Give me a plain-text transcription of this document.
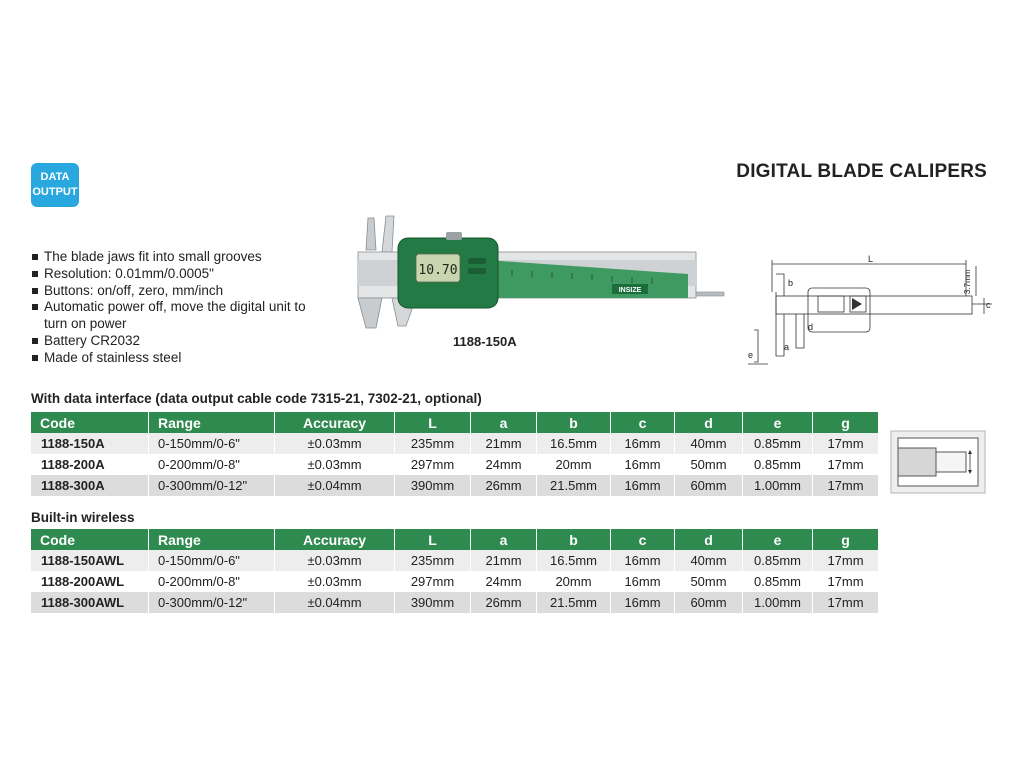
DATA
OUTPUT
DIGITAL BLADE CALIPERS
The blade jaws fit into small grooves
Resolution: 0.01mm/0.0005"
Buttons: on/off, zero, mm/inch
Automatic power off, move the digital unit to turn on power
Battery CR2032
Made of stainless steel
10.70
INSIZE
1188-150A
L
b
a
d
c
e
3.7mm
With data interface (data output cable code 7315-21, 7302-21, optional)
Code	Range	Accuracy	L	a	b	c	d	e	g
1188-150A	0-150mm/0-6"	±0.03mm	235mm	21mm	16.5mm	16mm	40mm	0.85mm	17mm
1188-200A	0-200mm/0-8"	±0.03mm	297mm	24mm	20mm	16mm	50mm	0.85mm	17mm
1188-300A	0-300mm/0-12"	±0.04mm	390mm	26mm	21.5mm	16mm	60mm	1.00mm	17mm
Built-in wireless
Code	Range	Accuracy	L	a	b	c	d	e	g
1188-150AWL	0-150mm/0-6"	±0.03mm	235mm	21mm	16.5mm	16mm	40mm	0.85mm	17mm
1188-200AWL	0-200mm/0-8"	±0.03mm	297mm	24mm	20mm	16mm	50mm	0.85mm	17mm
1188-300AWL	0-300mm/0-12"	±0.04mm	390mm	26mm	21.5mm	16mm	60mm	1.00mm	17mm
